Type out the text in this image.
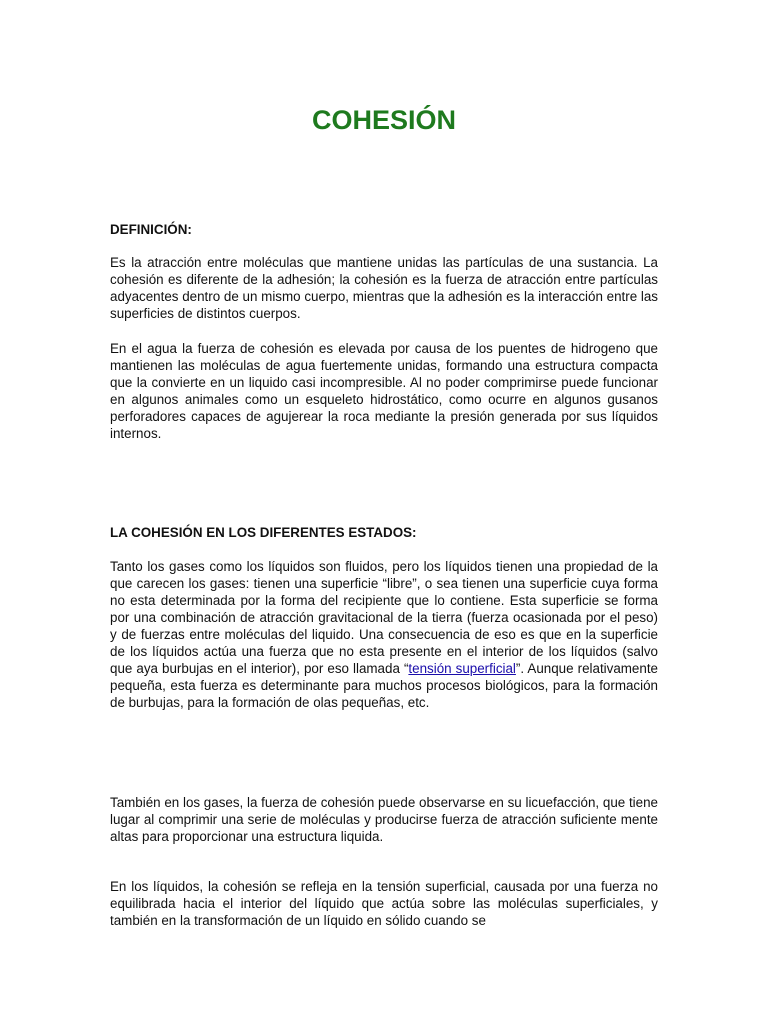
COHESIÓN
DEFINICIÓN:
Es la atracción entre moléculas que mantiene unidas las partículas de una sustancia. La cohesión es diferente de la adhesión; la cohesión es la fuerza de atracción entre partículas adyacentes dentro de un mismo cuerpo, mientras que la adhesión es la interacción entre las superficies de distintos cuerpos.
En el agua la fuerza de cohesión es elevada por causa de los puentes de hidrogeno que mantienen las moléculas de agua fuertemente unidas, formando una estructura compacta que la convierte en un liquido casi incompresible. Al no poder comprimirse puede funcionar en algunos animales como un esqueleto hidrostático, como ocurre en algunos gusanos perforadores capaces de agujerear la roca mediante la presión generada por sus líquidos internos.
LA COHESIÓN EN LOS DIFERENTES ESTADOS:
Tanto los gases como los líquidos son fluidos, pero los líquidos tienen una propiedad de la que carecen los gases: tienen una superficie “libre”, o sea tienen una superficie cuya forma no esta determinada por la forma del recipiente que lo contiene. Esta superficie se forma por una combinación de atracción gravitacional de la tierra (fuerza ocasionada por el peso) y de fuerzas entre moléculas del liquido. Una consecuencia de eso es que en la superficie de los líquidos actúa una fuerza que no esta presente en el interior de los líquidos (salvo que aya burbujas en el interior), por eso llamada “tensión superficial”. Aunque relativamente pequeña, esta fuerza es determinante para muchos procesos biológicos, para la formación de burbujas, para la formación de olas pequeñas, etc.
También en los gases, la fuerza de cohesión puede observarse en su licuefacción, que tiene lugar al comprimir una serie de moléculas y producirse fuerza de atracción suficiente mente altas para proporcionar una estructura liquida.
En los líquidos, la cohesión se refleja en la tensión superficial, causada por una fuerza no equilibrada hacia el interior del líquido que actúa sobre las moléculas superficiales, y también en la transformación de un líquido en sólido cuando se
